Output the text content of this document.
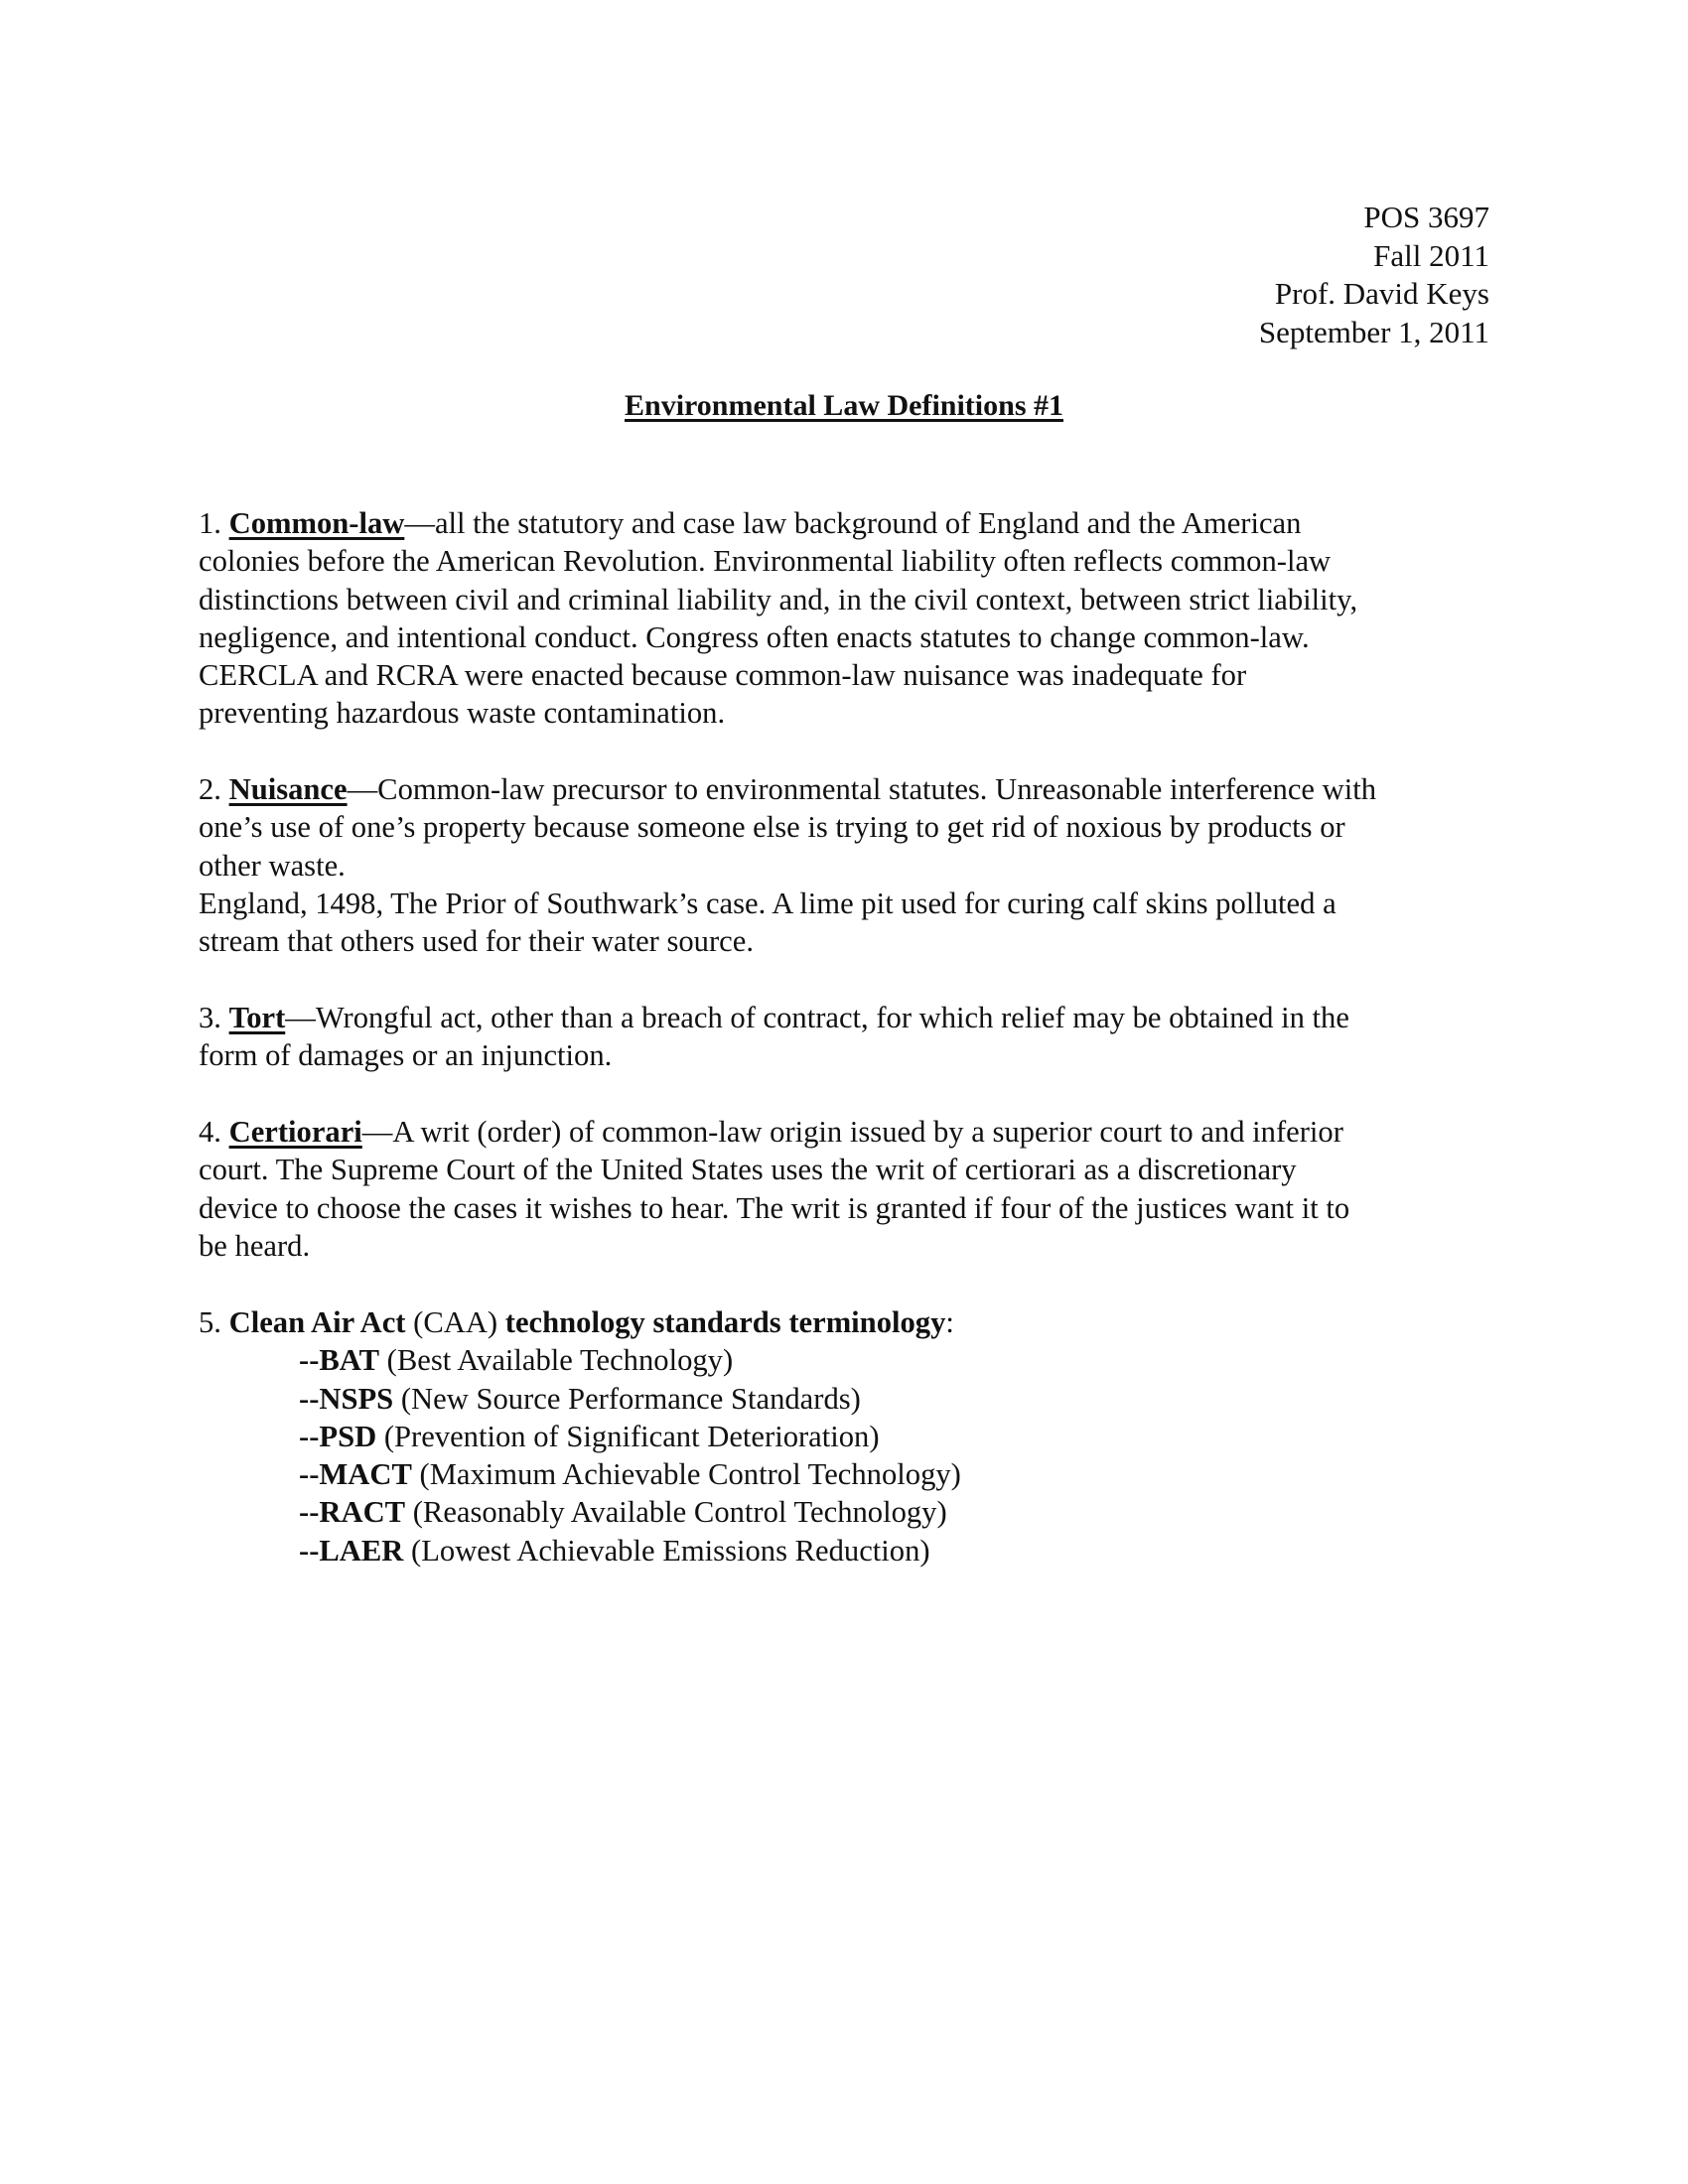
POS 3697
Fall 2011
Prof. David Keys
September 1, 2011
Environmental Law Definitions #1
1. Common-law—all the statutory and case law background of England and the American
colonies before the American Revolution. Environmental liability often reflects common-law
distinctions between civil and criminal liability and, in the civil context, between strict liability,
negligence, and intentional conduct. Congress often enacts statutes to change common-law.
CERCLA and RCRA were enacted because common-law nuisance was inadequate for
preventing hazardous waste contamination.
2. Nuisance—Common-law precursor to environmental statutes. Unreasonable interference with
one’s use of one’s property because someone else is trying to get rid of noxious by products or
other waste.
England, 1498, The Prior of Southwark’s case. A lime pit used for curing calf skins polluted a
stream that others used for their water source.
3. Tort—Wrongful act, other than a breach of contract, for which relief may be obtained in the
form of damages or an injunction.
4. Certiorari—A writ (order) of common-law origin issued by a superior court to and inferior
court. The Supreme Court of the United States uses the writ of certiorari as a discretionary
device to choose the cases it wishes to hear. The writ is granted if four of the justices want it to
be heard.
5. Clean Air Act (CAA) technology standards terminology:
--BAT (Best Available Technology)
--NSPS (New Source Performance Standards)
--PSD (Prevention of Significant Deterioration)
--MACT (Maximum Achievable Control Technology)
--RACT (Reasonably Available Control Technology)
--LAER (Lowest Achievable Emissions Reduction)
